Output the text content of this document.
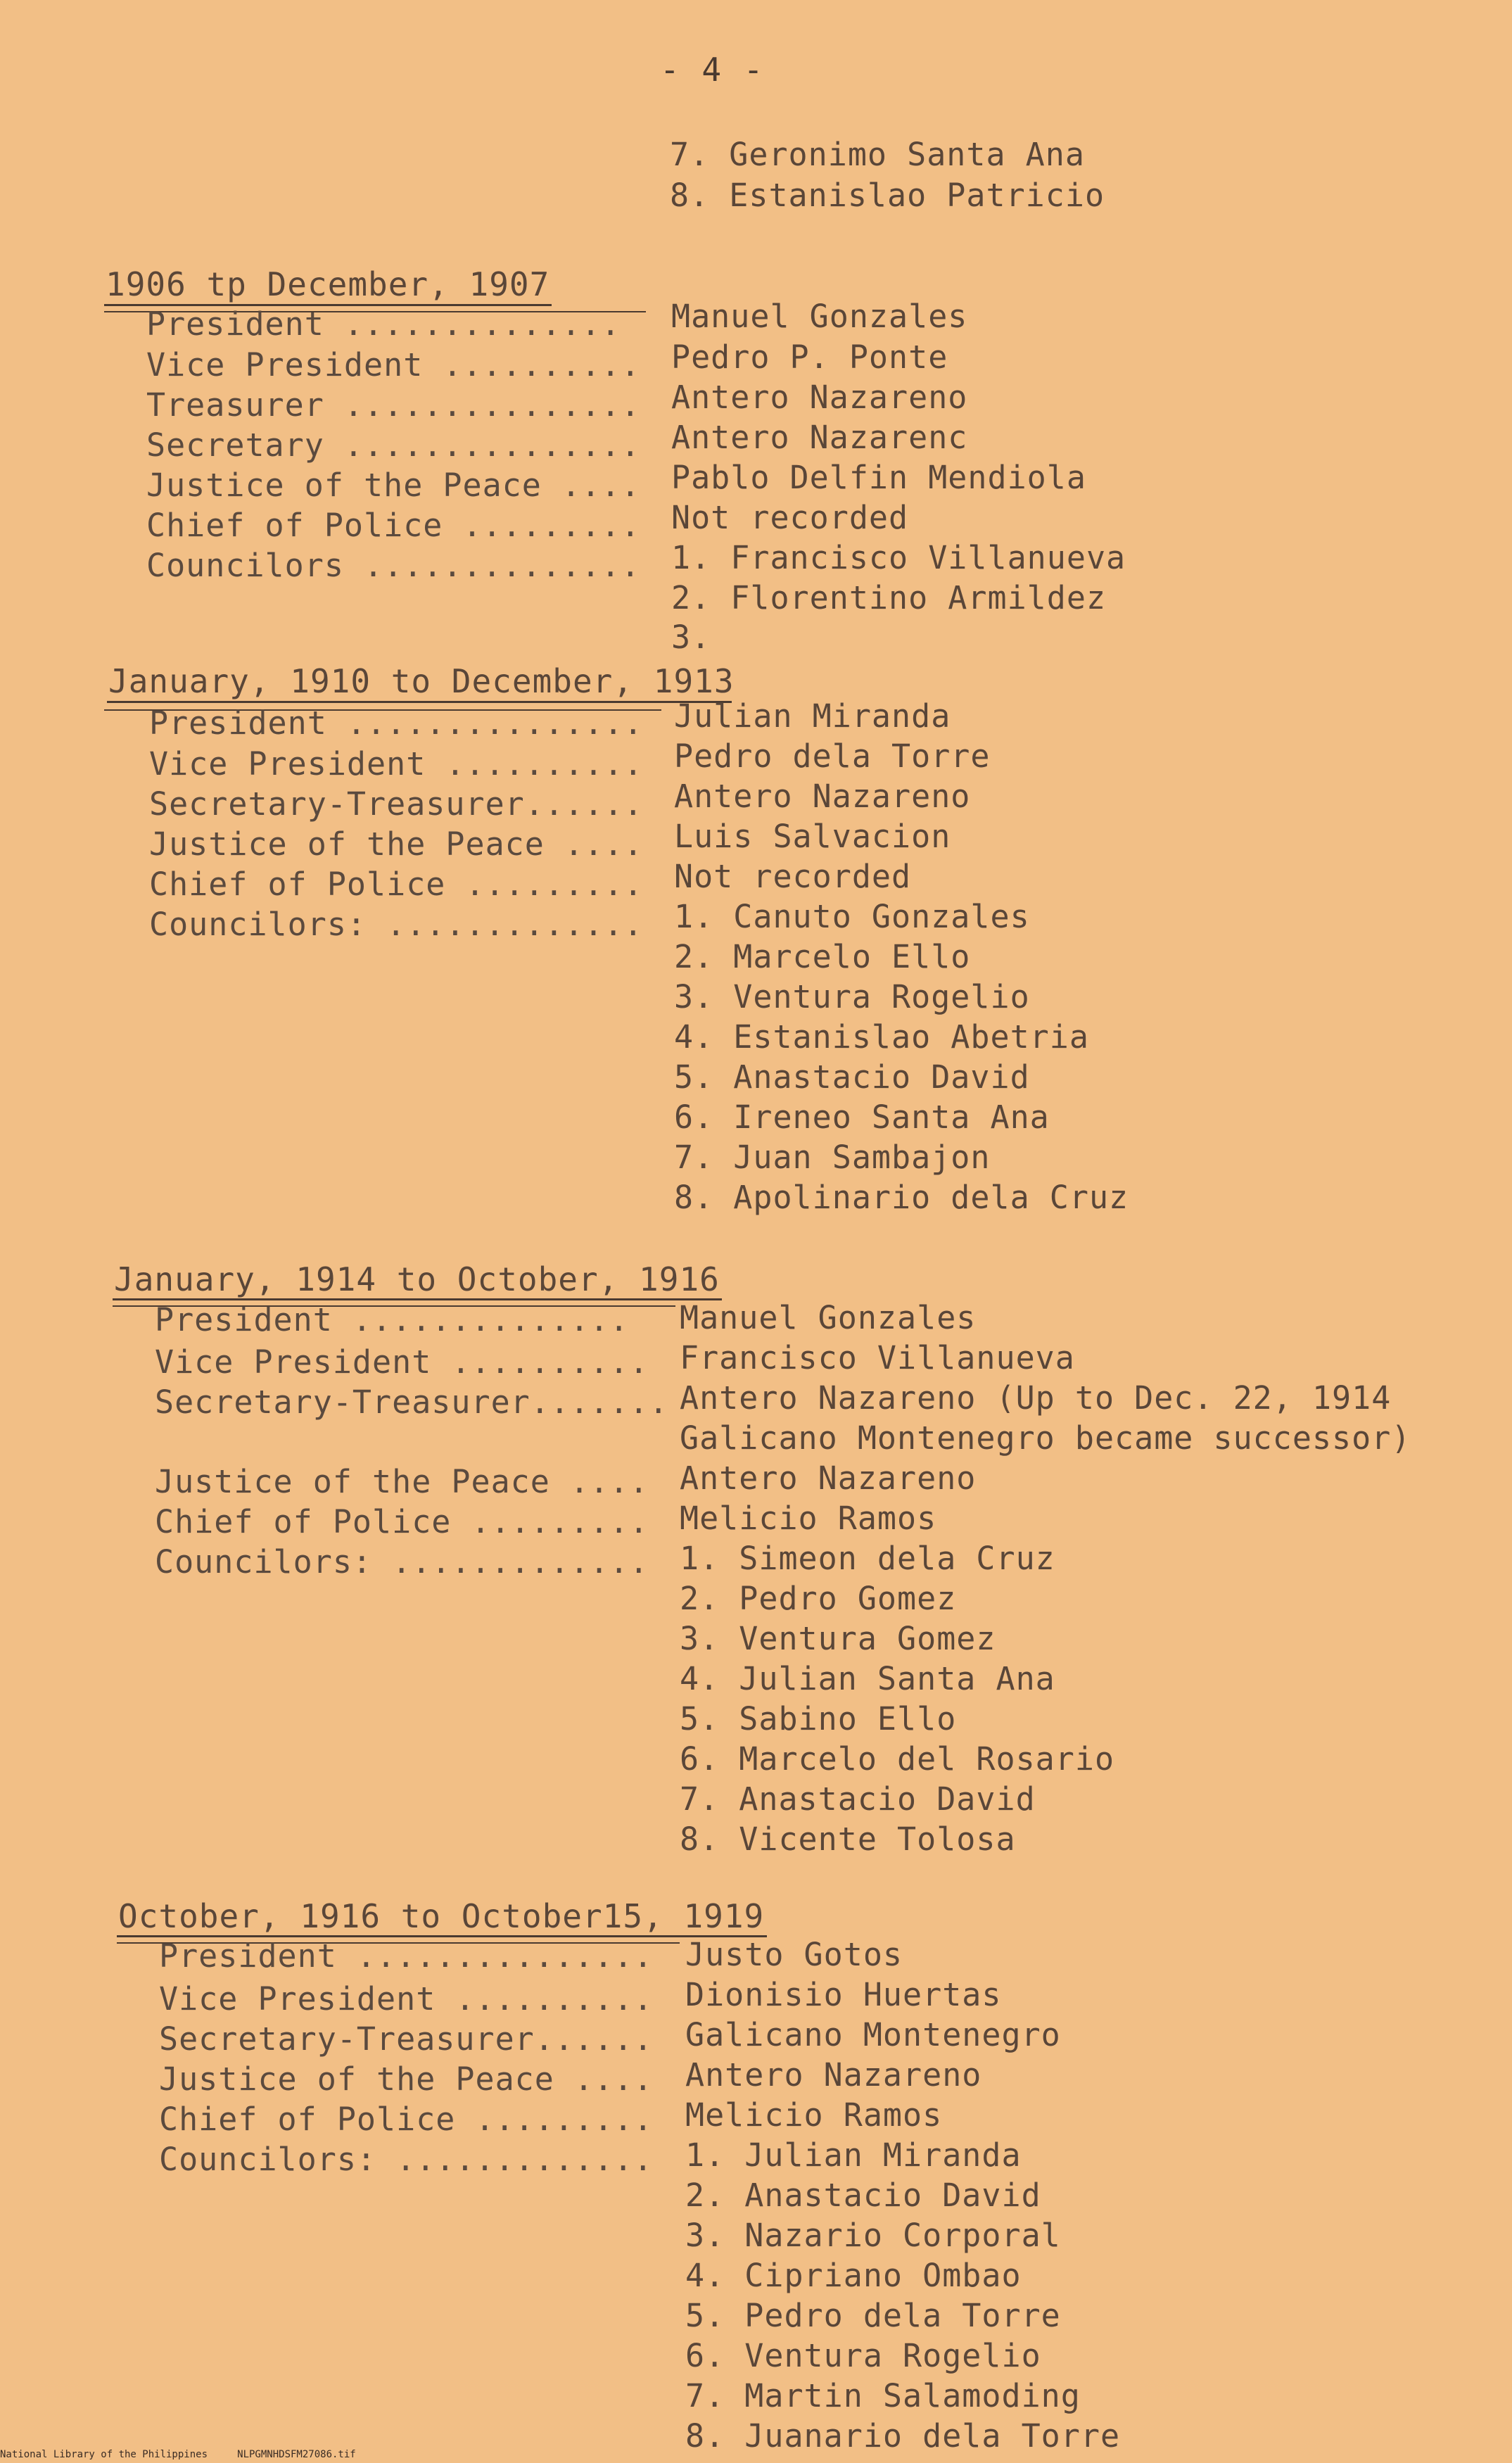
- 4 -
7. Geronimo Santa Ana
8. Estanislao Patricio
1906 tp December, 1907
President .............. Manuel Gonzales
Vice President .......... Pedro P. Ponte
Treasurer ............... Antero Nazareno
Secretary ............... Antero Nazarenc
Justice of the Peace .... Pablo Delfin Mendiola
Chief of Police ......... Not recorded
Councilors .............. 1. Francisco Villanueva
2. Florentino Armildez
3.
January, 1910 to December, 1913
President ............... Julian Miranda
Vice President .......... Pedro dela Torre
Secretary-Treasurer...... Antero Nazareno
Justice of the Peace .... Luis Salvacion
Chief of Police ......... Not recorded
Councilors: ............. 1. Canuto Gonzales
2. Marcelo Ello
3. Ventura Rogelio
4. Estanislao Abetria
5. Anastacio David
6. Ireneo Santa Ana
7. Juan Sambajon
8. Apolinario dela Cruz
January, 1914 to October, 1916
President .............. Manuel Gonzales
Vice President .......... Francisco Villanueva
Secretary-Treasurer....... Antero Nazareno (Up to Dec. 22, 1914
Galicano Montenegro became successor)
Justice of the Peace .... Antero Nazareno
Chief of Police ......... Melicio Ramos
Councilors: ............. 1. Simeon dela Cruz
2. Pedro Gomez
3. Ventura Gomez
4. Julian Santa Ana
5. Sabino Ello
6. Marcelo del Rosario
7. Anastacio David
8. Vicente Tolosa
October, 1916 to October15, 1919
President ............... Justo Gotos
Vice President .......... Dionisio Huertas
Secretary-Treasurer...... Galicano Montenegro
Justice of the Peace .... Antero Nazareno
Chief of Police ......... Melicio Ramos
Councilors: ............. 1. Julian Miranda
2. Anastacio David
3. Nazario Corporal
4. Cipriano Ombao
5. Pedro dela Torre
6. Ventura Rogelio
7. Martin Salamoding
8. Juanario dela Torre
National Library of the Philippines     NLPGMNHDSFM27086.tif
